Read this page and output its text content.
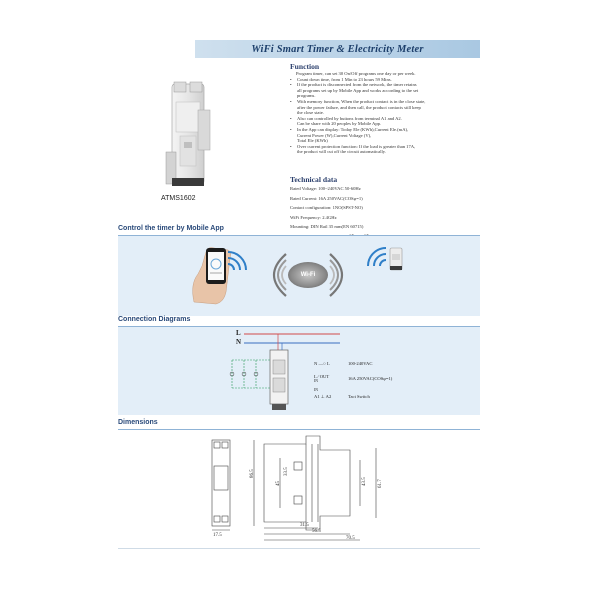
ATMS1602
WiFi Smart Timer & Electricity Meter
Function

Program timer, can set 30 On/Off programs one day or per week.

•	Count down time, from 1 Min to 23 hours 59 Mins.

•	If the product is disconnected from the network, the timer retains

all programs set up by Mobile App and works according to the set

programs.

•	With memory function, When the product contact is in the close state,

after the power failure, and then call, the product contacts still keep

the close state.

•	Also can controlled by buttons from terminal A1 and A2.

Can be share with 20 peoples by Mobile App.

•	In the App can display: Today Ele (KWh),Current Ele.(mA),

Current Power (W),Current Voltage (V),

Total Ele (KWh)

•	Over current protection function: If the load is greater than 17A,

the product will cut off the circuit automatically.

Technical data

Rated Voltage: 100~240VAC 50-60Hz

Rated Current: 16A 250VAC(COSφ=1)

Contact configuration: 1NO(SPST-NO)

WiFi Frequency: 2.4GHz

Mounting: DIN Rail 35 mm(EN 60715)

Control the timer by Mobile App
Wi-Fi
Connection Diagrams
L
N
N —○ L	100-240VAC
L ∕ OUT
IN	16A 250VAC(COSφ=1)
A1 ⊥ A2
IN
Tact Switch
Dimensions
86.5
45
33.5
43.5 61.7
17.5
31.5
56.5
70.5
